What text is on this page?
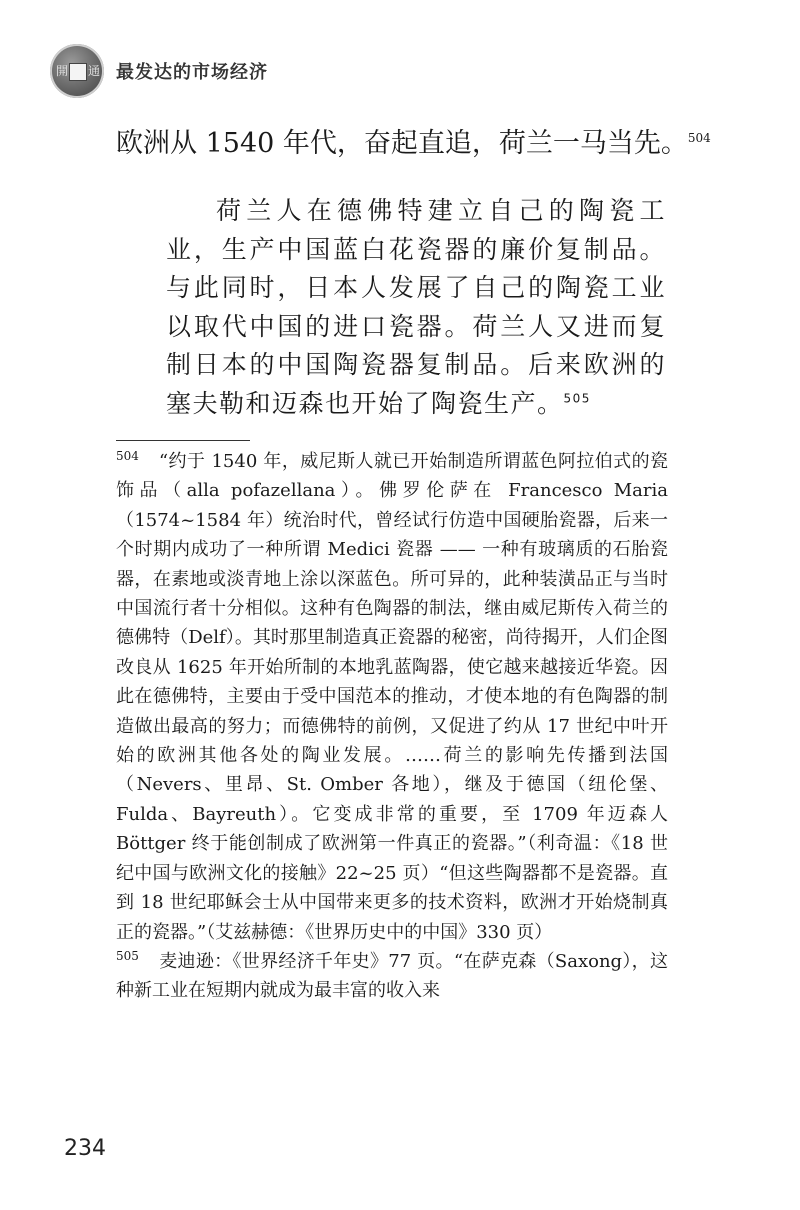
開 通 最发达的市场经济
欧洲从 1540 年代，奋起直追，荷兰一马当先。$^{504}$

荷兰人在德佛特建立自己的陶瓷工业，生产中国蓝白花瓷器的廉价复制品。与此同时，日本人发展了自己的陶瓷工业以取代中国的进口瓷器。荷兰人又进而复制日本的中国陶瓷器复制品。后来欧洲的塞夫勒和迈森也开始了陶瓷生产。$^{505}$

$^{504}$ “约于 1540 年，威尼斯人就已开始制造所谓蓝色阿拉伯式的瓷饰品（alla pofazellana）。佛罗伦萨在 Francesco Maria（1574~1584 年）统治时代，曾经试行仿造中国硬胎瓷器，后来一个时期内成功了一种所谓 Medici 瓷器 —— 一种有玻璃质的石胎瓷器，在素地或淡青地上涂以深蓝色。所可异的，此种装潢品正与当时中国流行者十分相似。这种有色陶器的制法，继由威尼斯传入荷兰的德佛特（Delf）。其时那里制造真正瓷器的秘密，尚待揭开，人们企图改良从 1625 年开始所制的本地乳蓝陶器，使它越来越接近华瓷。因此在德佛特，主要由于受中国范本的推动，才使本地的有色陶器的制造做出最高的努力；而德佛特的前例，又促进了约从 17 世纪中叶开始的欧洲其他各处的陶业发展。……荷兰的影响先传播到法国（Nevers、里昂、St. Omber 各地），继及于德国（纽伦堡、Fulda、Bayreuth）。它变成非常的重要，至 1709 年迈森人 Böttger 终于能创制成了欧洲第一件真正的瓷器。”（利奇温：《18 世纪中国与欧洲文化的接触》22~25 页）“但这些陶器都不是瓷器。直到 18 世纪耶稣会士从中国带来更多的技术资料，欧洲才开始烧制真正的瓷器。”（艾兹赫德：《世界历史中的中国》330 页）

$^{505}$ 麦迪逊：《世界经济千年史》77 页。“在萨克森（Saxong），这种新工业在短期内就成为最丰富的收入来

234
